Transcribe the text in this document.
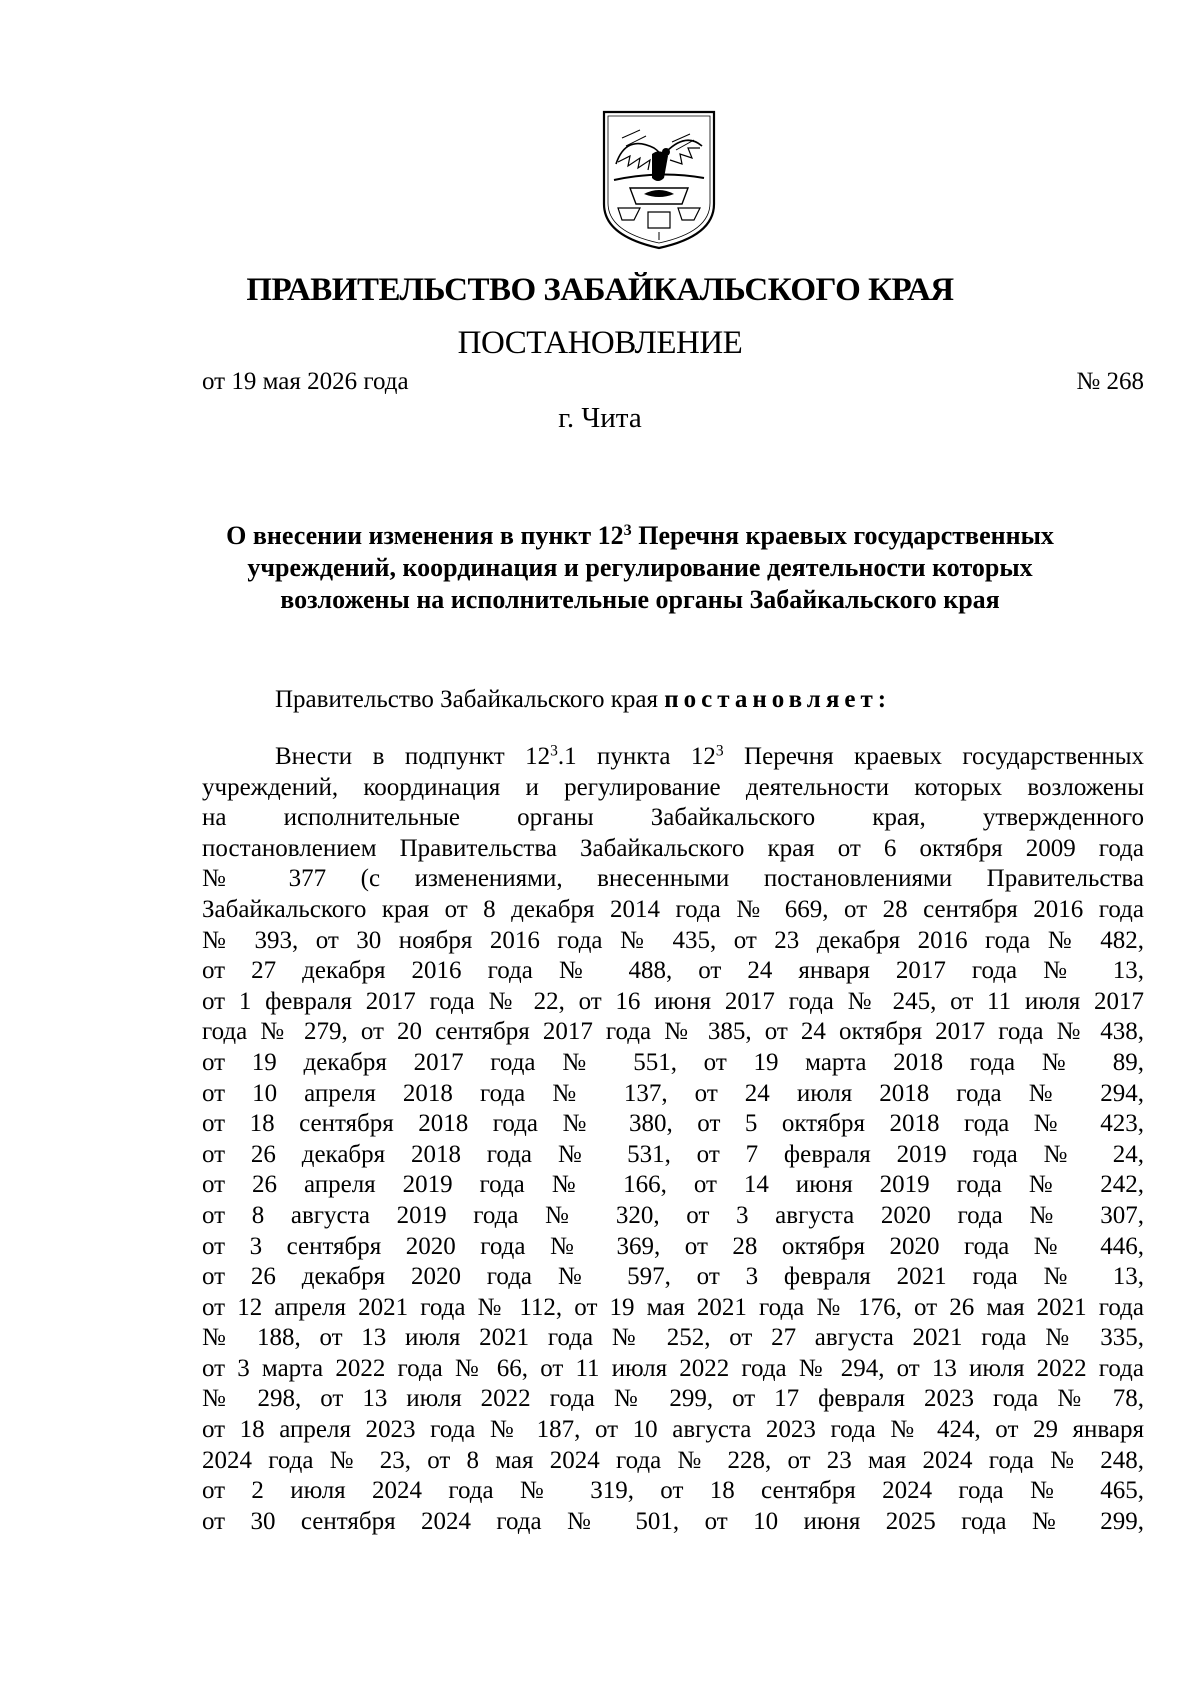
ПРАВИТЕЛЬСТВО ЗАБАЙКАЛЬСКОГО КРАЯ
ПОСТАНОВЛЕНИЕ
от 19 мая 2026 года	№ 268
г. Чита
О внесении изменения в пункт $12^3$ Перечня краевых государственных
учреждений, координация и регулирование деятельности которых
возложены на исполнительные органы Забайкальского края
Правительство Забайкальского края постановляет:
Внести в подпункт $12^3.1$ пункта $12^3$ Перечня краевых государственных
учреждений, координация и регулирование деятельности которых возложены
на исполнительные органы Забайкальского края, утвержденного
постановлением Правительства Забайкальского края от 6 октября 2009 года
№ 377 (с изменениями, внесенными постановлениями Правительства
Забайкальского края от 8 декабря 2014 года № 669, от 28 сентября 2016 года
№ 393, от 30 ноября 2016 года № 435, от 23 декабря 2016 года № 482,
от 27 декабря 2016 года № 488, от 24 января 2017 года № 13,
от 1 февраля 2017 года № 22, от 16 июня 2017 года № 245, от 11 июля 2017
года № 279, от 20 сентября 2017 года № 385, от 24 октября 2017 года № 438,
от 19 декабря 2017 года № 551, от 19 марта 2018 года № 89,
от 10 апреля 2018 года № 137, от 24 июля 2018 года № 294,
от 18 сентября 2018 года № 380, от 5 октября 2018 года № 423,
от 26 декабря 2018 года № 531, от 7 февраля 2019 года № 24,
от 26 апреля 2019 года № 166, от 14 июня 2019 года № 242,
от 8 августа 2019 года № 320, от 3 августа 2020 года № 307,
от 3 сентября 2020 года № 369, от 28 октября 2020 года № 446,
от 26 декабря 2020 года № 597, от 3 февраля 2021 года № 13,
от 12 апреля 2021 года № 112, от 19 мая 2021 года № 176, от 26 мая 2021 года
№ 188, от 13 июля 2021 года № 252, от 27 августа 2021 года № 335,
от 3 марта 2022 года № 66, от 11 июля 2022 года № 294, от 13 июля 2022 года
№ 298, от 13 июля 2022 года № 299, от 17 февраля 2023 года № 78,
от 18 апреля 2023 года № 187, от 10 августа 2023 года № 424, от 29 января
2024 года № 23, от 8 мая 2024 года № 228, от 23 мая 2024 года № 248,
от 2 июля 2024 года № 319, от 18 сентября 2024 года № 465,
от 30 сентября 2024 года № 501, от 10 июня 2025 года № 299,
